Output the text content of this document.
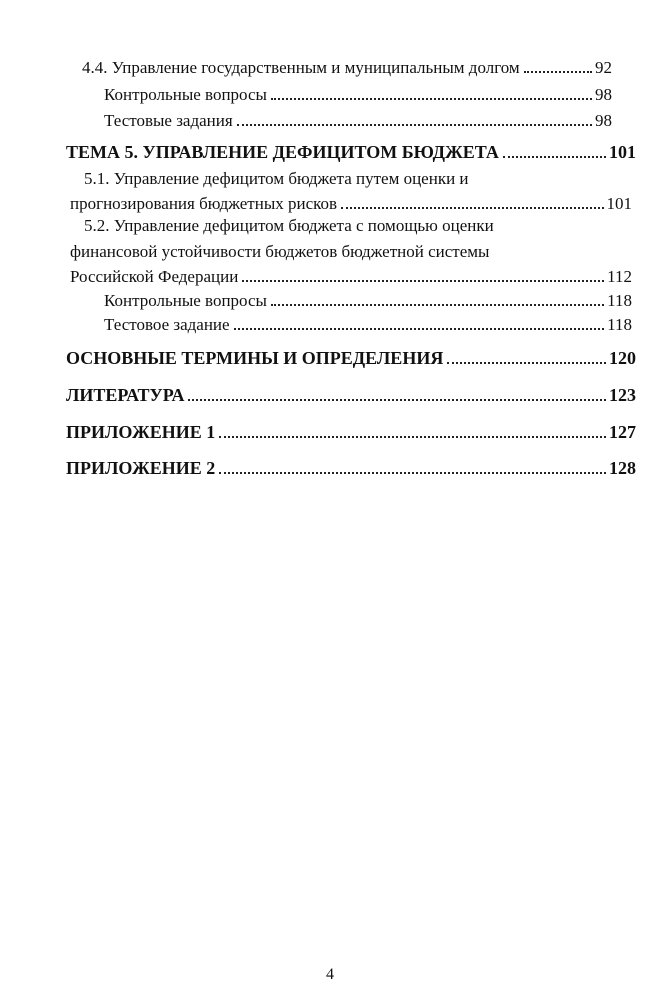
4.4. Управление государственным и муниципальным долгом	92
Контрольные вопросы	98
Тестовые задания	98
ТЕМА 5. УПРАВЛЕНИЕ ДЕФИЦИТОМ БЮДЖЕТА	101
5.1. Управление дефицитом бюджета путем оценки и
прогнозирования бюджетных рисков	101
5.2. Управление дефицитом бюджета с помощью оценки
финансовой устойчивости бюджетов бюджетной системы
Российской Федерации	112
Контрольные вопросы	118
Тестовое задание	118
ОСНОВНЫЕ ТЕРМИНЫ И ОПРЕДЕЛЕНИЯ	120
ЛИТЕРАТУРА	123
ПРИЛОЖЕНИЕ 1	127
ПРИЛОЖЕНИЕ 2	128
4
